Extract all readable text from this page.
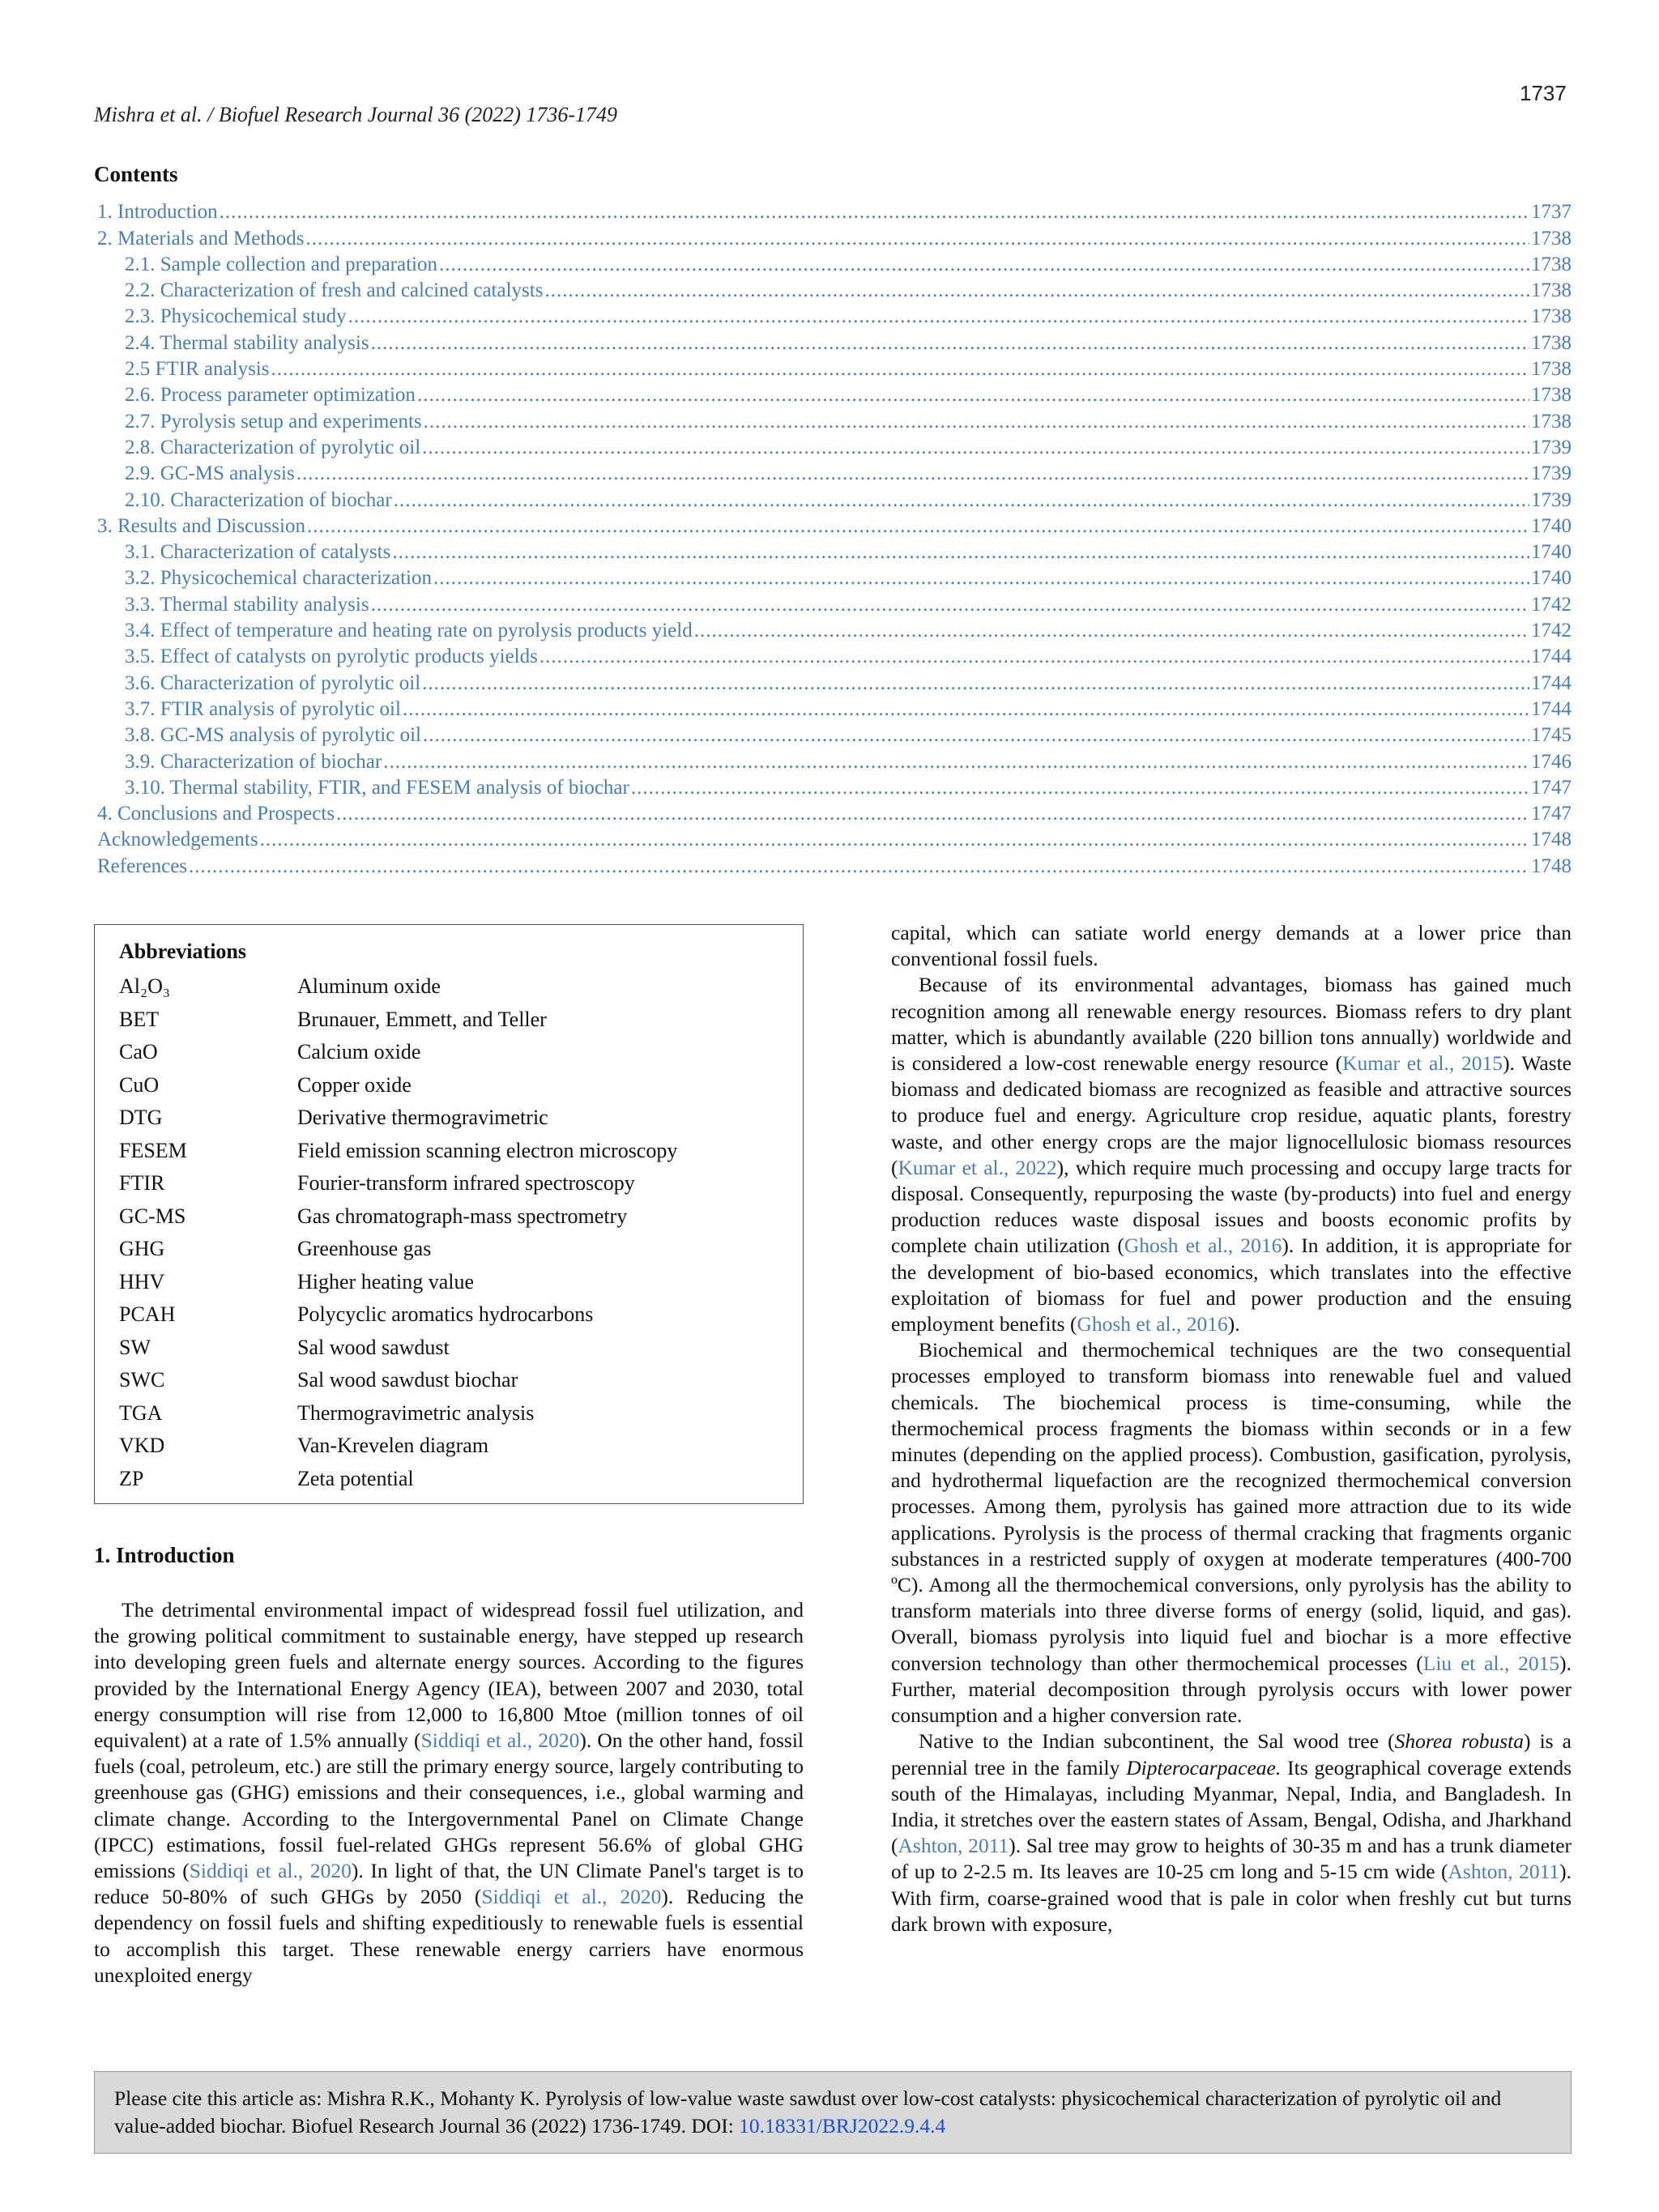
1737
Mishra et al. / Biofuel Research Journal 36 (2022) 1736-1749
Contents
1. Introduction .....	1737
2. Materials and Methods .....	1738
2.1. Sample collection and preparation .....	1738
2.2. Characterization of fresh and calcined catalysts .....	1738
2.3. Physicochemical study .....	1738
2.4. Thermal stability analysis .....	1738
2.5 FTIR analysis .....	1738
2.6. Process parameter optimization .....	1738
2.7. Pyrolysis setup and experiments .....	1738
2.8. Characterization of pyrolytic oil .....	1739
2.9. GC-MS analysis .....	1739
2.10. Characterization of biochar .....	1739
3. Results and Discussion .....	1740
3.1. Characterization of catalysts .....	1740
3.2. Physicochemical characterization .....	1740
3.3. Thermal stability analysis .....	1742
3.4. Effect of temperature and heating rate on pyrolysis products yield .....	1742
3.5. Effect of catalysts on pyrolytic products yields .....	1744
3.6. Characterization of pyrolytic oil .....	1744
3.7. FTIR analysis of pyrolytic oil .....	1744
3.8. GC-MS analysis of pyrolytic oil .....	1745
3.9. Characterization of biochar .....	1746
3.10. Thermal stability, FTIR, and FESEM analysis of biochar .....	1747
4. Conclusions and Prospects .....	1747
Acknowledgements .....	1748
References .....	1748
Abbreviations
Al₂O₃	Aluminum oxide
BET	Brunauer, Emmett, and Teller
CaO	Calcium oxide
CuO	Copper oxide
DTG	Derivative thermogravimetric
FESEM	Field emission scanning electron microscopy
FTIR	Fourier-transform infrared spectroscopy
GC-MS	Gas chromatograph-mass spectrometry
GHG	Greenhouse gas
HHV	Higher heating value
PCAH	Polycyclic aromatics hydrocarbons
SW	Sal wood sawdust
SWC	Sal wood sawdust biochar
TGA	Thermogravimetric analysis
VKD	Van-Krevelen diagram
ZP	Zeta potential
1. Introduction

The detrimental environmental impact of widespread fossil fuel utilization, and the growing political commitment to sustainable energy, have stepped up research into developing green fuels and alternate energy sources. According to the figures provided by the International Energy Agency (IEA), between 2007 and 2030, total energy consumption will rise from 12,000 to 16,800 Mtoe (million tonnes of oil equivalent) at a rate of 1.5% annually (Siddiqi et al., 2020). On the other hand, fossil fuels (coal, petroleum, etc.) are still the primary energy source, largely contributing to greenhouse gas (GHG) emissions and their consequences, i.e., global warming and climate change. According to the Intergovernmental Panel on Climate Change (IPCC) estimations, fossil fuel-related GHGs represent 56.6% of global GHG emissions (Siddiqi et al., 2020). In light of that, the UN Climate Panel's target is to reduce 50-80% of such GHGs by 2050 (Siddiqi et al., 2020). Reducing the dependency on fossil fuels and shifting expeditiously to renewable fuels is essential to accomplish this target. These renewable energy carriers have enormous unexploited energy

capital, which can satiate world energy demands at a lower price than conventional fossil fuels.

Because of its environmental advantages, biomass has gained much recognition among all renewable energy resources. Biomass refers to dry plant matter, which is abundantly available (220 billion tons annually) worldwide and is considered a low-cost renewable energy resource (Kumar et al., 2015). Waste biomass and dedicated biomass are recognized as feasible and attractive sources to produce fuel and energy. Agriculture crop residue, aquatic plants, forestry waste, and other energy crops are the major lignocellulosic biomass resources (Kumar et al., 2022), which require much processing and occupy large tracts for disposal. Consequently, repurposing the waste (by-products) into fuel and energy production reduces waste disposal issues and boosts economic profits by complete chain utilization (Ghosh et al., 2016). In addition, it is appropriate for the development of bio-based economics, which translates into the effective exploitation of biomass for fuel and power production and the ensuing employment benefits (Ghosh et al., 2016).

Biochemical and thermochemical techniques are the two consequential processes employed to transform biomass into renewable fuel and valued chemicals. The biochemical process is time-consuming, while the thermochemical process fragments the biomass within seconds or in a few minutes (depending on the applied process). Combustion, gasification, pyrolysis, and hydrothermal liquefaction are the recognized thermochemical conversion processes. Among them, pyrolysis has gained more attraction due to its wide applications. Pyrolysis is the process of thermal cracking that fragments organic substances in a restricted supply of oxygen at moderate temperatures (400-700 ºC). Among all the thermochemical conversions, only pyrolysis has the ability to transform materials into three diverse forms of energy (solid, liquid, and gas). Overall, biomass pyrolysis into liquid fuel and biochar is a more effective conversion technology than other thermochemical processes (Liu et al., 2015). Further, material decomposition through pyrolysis occurs with lower power consumption and a higher conversion rate.

Native to the Indian subcontinent, the Sal wood tree (Shorea robusta) is a perennial tree in the family Dipterocarpaceae. Its geographical coverage extends south of the Himalayas, including Myanmar, Nepal, India, and Bangladesh. In India, it stretches over the eastern states of Assam, Bengal, Odisha, and Jharkhand (Ashton, 2011). Sal tree may grow to heights of 30-35 m and has a trunk diameter of up to 2-2.5 m. Its leaves are 10-25 cm long and 5-15 cm wide (Ashton, 2011). With firm, coarse-grained wood that is pale in color when freshly cut but turns dark brown with exposure,

Please cite this article as: Mishra R.K., Mohanty K. Pyrolysis of low-value waste sawdust over low-cost catalysts: physicochemical characterization of pyrolytic oil and value-added biochar. Biofuel Research Journal 36 (2022) 1736-1749. DOI: 10.18331/BRJ2022.9.4.4
